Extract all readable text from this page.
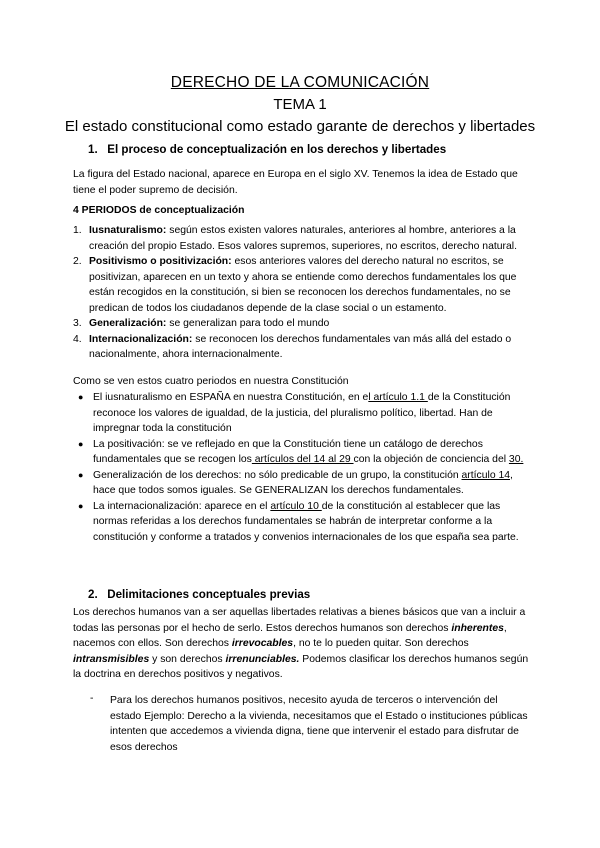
DERECHO DE LA COMUNICACIÓN
TEMA 1
El estado constitucional como estado garante de derechos y libertades
1. El proceso de conceptualización en los derechos y libertades
La figura del Estado nacional, aparece en Europa en el siglo XV. Tenemos la idea de Estado que tiene el poder supremo de decisión.
4 PERIODOS de conceptualización
1. Iusnaturalismo: según estos existen valores naturales, anteriores al hombre, anteriores a la creación del propio Estado. Esos valores supremos, superiores, no escritos, derecho natural.
2. Positivismo o positivización: esos anteriores valores del derecho natural no escritos, se positivizan, aparecen en un texto y ahora se entiende como derechos fundamentales los que están recogidos en la constitución, si bien se reconocen los derechos fundamentales, no se predican de todos los ciudadanos depende de la clase social o un estamento.
3. Generalización: se generalizan para todo el mundo
4. Internacionalización: se reconocen los derechos fundamentales van más allá del estado o nacionalmente, ahora internacionalmente.
Como se ven estos cuatro periodos en nuestra Constitución
● El iusnaturalismo en ESPAÑA en nuestra Constitución, en el artículo 1.1 de la Constitución reconoce los valores de igualdad, de la justicia, del pluralismo político, libertad. Han de impregnar toda la constitución
● La positivación: se ve reflejado en que la Constitución tiene un catálogo de derechos fundamentales que se recogen los artículos del 14 al 29 con la objeción de conciencia del 30.
● Generalización de los derechos: no sólo predicable de un grupo, la constitución artículo 14, hace que todos somos iguales. Se GENERALIZAN los derechos fundamentales.
● La internacionalización: aparece en el artículo 10 de la constitución al establecer que las normas referidas a los derechos fundamentales se habrán de interpretar conforme a la constitución y conforme a tratados y convenios internacionales de los que españa sea parte.
2. Delimitaciones conceptuales previas
Los derechos humanos van a ser aquellas libertades relativas a bienes básicos que van a incluir a todas las personas por el hecho de serlo. Estos derechos humanos son derechos inherentes, nacemos con ellos. Son derechos irrevocables, no te lo pueden quitar. Son derechos intransmisibles y son derechos irrenunciables. Podemos clasificar los derechos humanos según la doctrina en derechos positivos y negativos.
- Para los derechos humanos positivos, necesito ayuda de terceros o intervención del estado Ejemplo: Derecho a la vivienda, necesitamos que el Estado o instituciones públicas intenten que accedemos a vivienda digna, tiene que intervenir el estado para disfrutar de esos derechos
